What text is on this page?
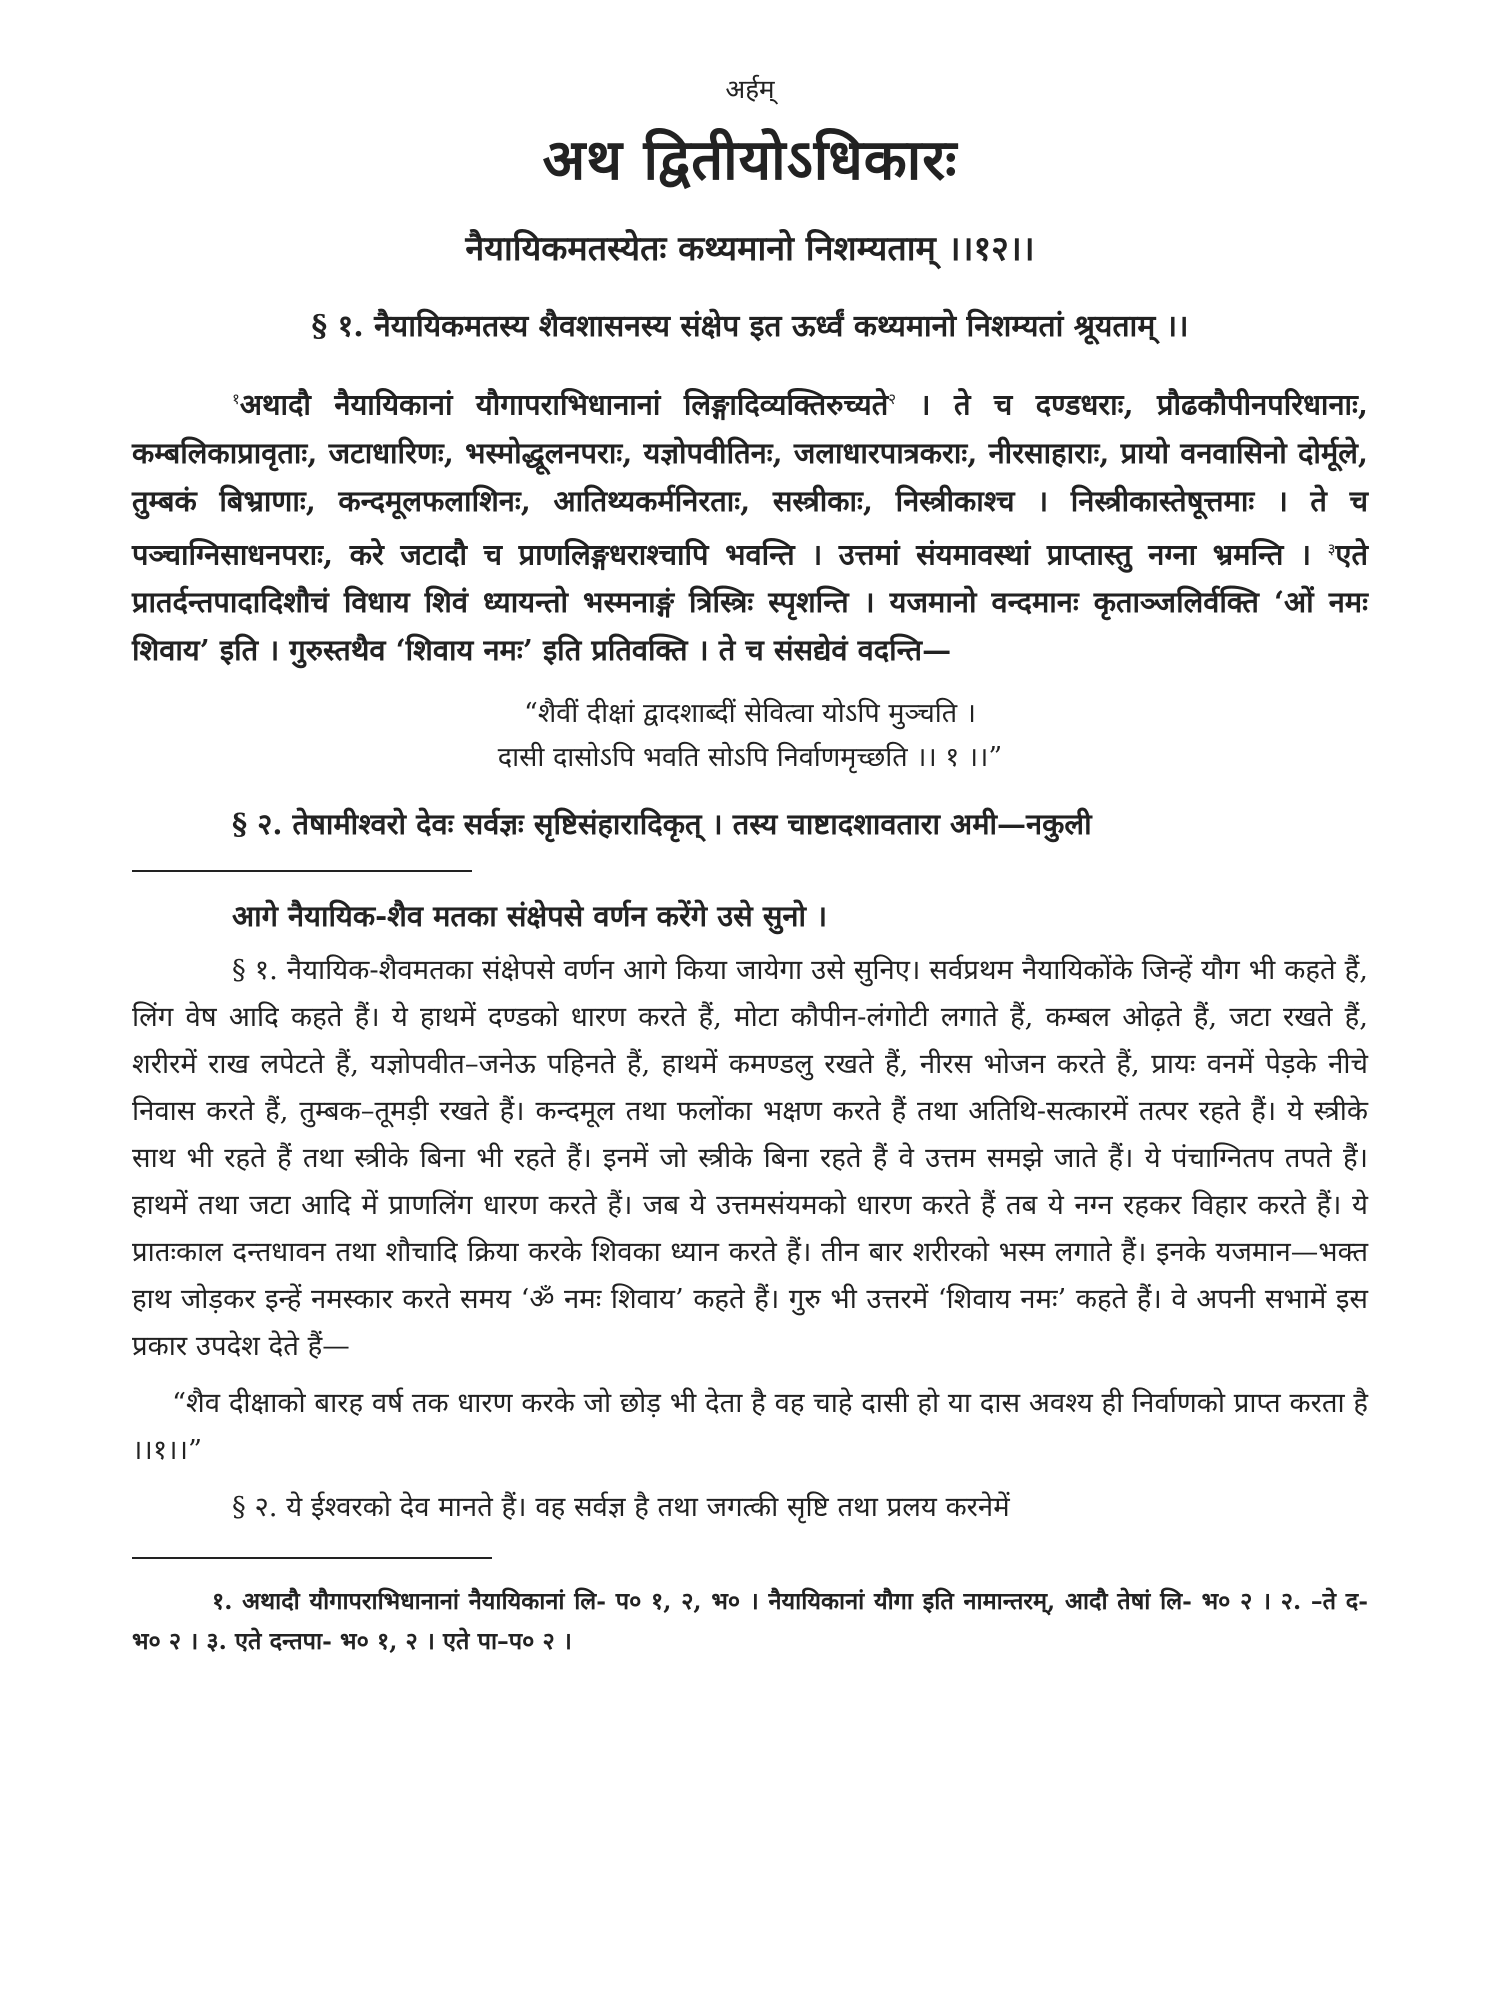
अर्हम्
अथ द्वितीयोऽधिकारः
नैयायिकमतस्येतः कथ्यमानो निशम्यताम् ।।१२।।
§ १. नैयायिकमतस्य शैवशासनस्य संक्षेप इत ऊर्ध्वं कथ्यमानो निशम्यतां श्रूयताम् ।।

$^१$अथादौ नैयायिकानां यौगापराभिधानानां लिङ्गादिव्यक्तिरुच्यते$^२$ । ते च दण्डधराः, प्रौढकौपीनपरिधानाः, कम्बलिकाप्रावृताः, जटाधारिणः, भस्मोद्धूलनपराः, यज्ञोपवीतिनः, जलाधारपात्रकराः, नीरसाहाराः, प्रायो वनवासिनो दोर्मूले, तुम्बकं बिभ्राणाः, कन्दमूलफलाशिनः, आतिथ्यकर्मनिरताः, सस्त्रीकाः, निस्त्रीकाश्च । निस्त्रीकास्तेषूत्तमाः । ते च पञ्चाग्निसाधनपराः, करे जटादौ च प्राणलिङ्गधराश्चापि भवन्ति । उत्तमां संयमावस्थां प्राप्तास्तु नग्ना भ्रमन्ति । $^३$एते प्रातर्दन्तपादादिशौचं विधाय शिवं ध्यायन्तो भस्मनाङ्गं त्रिस्त्रिः स्पृशन्ति । यजमानो वन्दमानः कृताञ्जलिर्वक्ति ‘ओं नमः शिवाय’ इति । गुरुस्तथैव ‘शिवाय नमः’ इति प्रतिवक्ति । ते च संसद्येवं वदन्ति—

“शैवीं दीक्षां द्वादशाब्दीं सेवित्वा योऽपि मुञ्चति ।
दासी दासोऽपि भवति सोऽपि निर्वाणमृच्छति ।। १ ।।”
§ २. तेषामीश्वरो देवः सर्वज्ञः सृष्टिसंहारादिकृत् । तस्य चाष्टादशावतारा अमी—नकुली
आगे नैयायिक-शैव मतका संक्षेपसे वर्णन करेंगे उसे सुनो ।

§ १. नैयायिक-शैवमतका संक्षेपसे वर्णन आगे किया जायेगा उसे सुनिए। सर्वप्रथम नैयायिकोंके जिन्हें यौग भी कहते हैं, लिंग वेष आदि कहते हैं। ये हाथमें दण्डको धारण करते हैं, मोटा कौपीन-लंगोटी लगाते हैं, कम्बल ओढ़ते हैं, जटा रखते हैं, शरीरमें राख लपेटते हैं, यज्ञोपवीत–जनेऊ पहिनते हैं, हाथमें कमण्डलु रखते हैं, नीरस भोजन करते हैं, प्रायः वनमें पेड़के नीचे निवास करते हैं, तुम्बक–तूमड़ी रखते हैं। कन्दमूल तथा फलोंका भक्षण करते हैं तथा अतिथि-सत्कारमें तत्पर रहते हैं। ये स्त्रीके साथ भी रहते हैं तथा स्त्रीके बिना भी रहते हैं। इनमें जो स्त्रीके बिना रहते हैं वे उत्तम समझे जाते हैं। ये पंचाग्नितप तपते हैं। हाथमें तथा जटा आदि में प्राणलिंग धारण करते हैं। जब ये उत्तमसंयमको धारण करते हैं तब ये नग्न रहकर विहार करते हैं। ये प्रातःकाल दन्तधावन तथा शौचादि क्रिया करके शिवका ध्यान करते हैं। तीन बार शरीरको भस्म लगाते हैं। इनके यजमान—भक्त हाथ जोड़कर इन्हें नमस्कार करते समय ‘ॐ नमः शिवाय’ कहते हैं। गुरु भी उत्तरमें ‘शिवाय नमः’ कहते हैं। वे अपनी सभामें इस प्रकार उपदेश देते हैं—

“शैव दीक्षाको बारह वर्ष तक धारण करके जो छोड़ भी देता है वह चाहे दासी हो या दास अवश्य ही निर्वाणको प्राप्त करता है ।।१।।”

§ २. ये ईश्वरको देव मानते हैं। वह सर्वज्ञ है तथा जगत्की सृष्टि तथा प्रलय करनेमें

१. अथादौ यौगापराभिधानानां नैयायिकानां लि- प० १, २, भ० । नैयायिकानां यौगा इति नामान्तरम्, आदौ तेषां लि- भ० २ । २. –ते द- भ० २ । ३. एते दन्तपा- भ० १, २ । एते पा–प० २ ।
